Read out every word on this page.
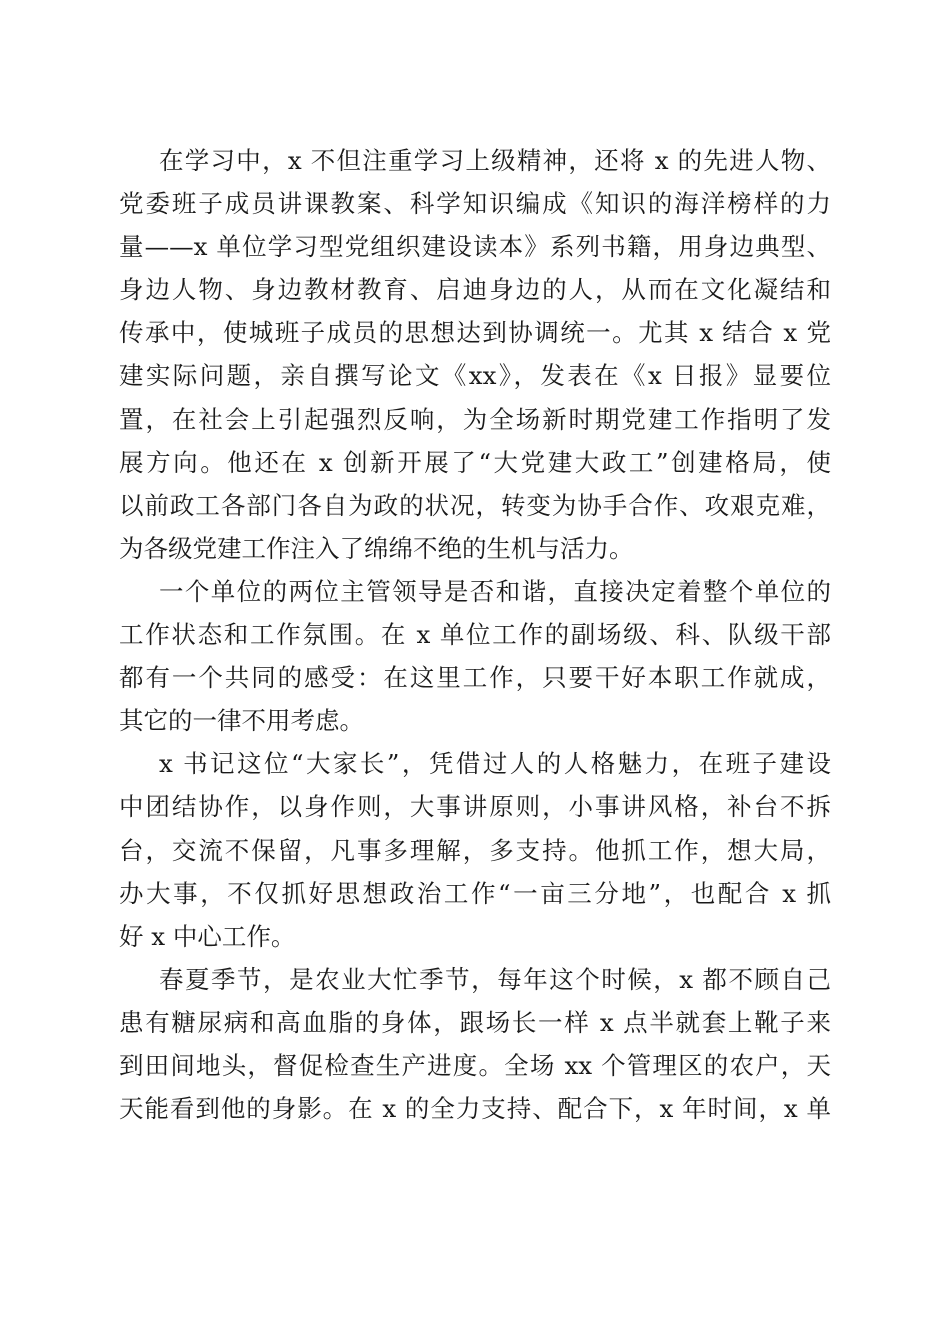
在学习中，x 不但注重学习上级精神，还将 x 的先进人物、
党委班子成员讲课教案、科学知识编成《知识的海洋榜样的力
量——x 单位学习型党组织建设读本》系列书籍，用身边典型、
身边人物、身边教材教育、启迪身边的人，从而在文化凝结和
传承中，使城班子成员的思想达到协调统一。尤其 x 结合 x 党
建实际问题，亲自撰写论文《xx》，发表在《x 日报》显要位
置，在社会上引起强烈反响，为全场新时期党建工作指明了发
展方向。他还在 x 创新开展了“大党建大政工”创建格局，使
以前政工各部门各自为政的状况，转变为协手合作、攻艰克难，
为各级党建工作注入了绵绵不绝的生机与活力。
一个单位的两位主管领导是否和谐，直接决定着整个单位的
工作状态和工作氛围。在 x 单位工作的副场级、科、队级干部
都有一个共同的感受：在这里工作，只要干好本职工作就成，
其它的一律不用考虑。
x 书记这位“大家长”，凭借过人的人格魅力，在班子建设
中团结协作，以身作则，大事讲原则，小事讲风格，补台不拆
台，交流不保留，凡事多理解，多支持。他抓工作，想大局，
办大事，不仅抓好思想政治工作“一亩三分地”，也配合 x 抓
好 x 中心工作。
春夏季节，是农业大忙季节，每年这个时候，x 都不顾自己
患有糖尿病和高血脂的身体，跟场长一样 x 点半就套上靴子来
到田间地头，督促检查生产进度。全场 xx 个管理区的农户，天
天能看到他的身影。在 x 的全力支持、配合下，x 年时间，x 单
